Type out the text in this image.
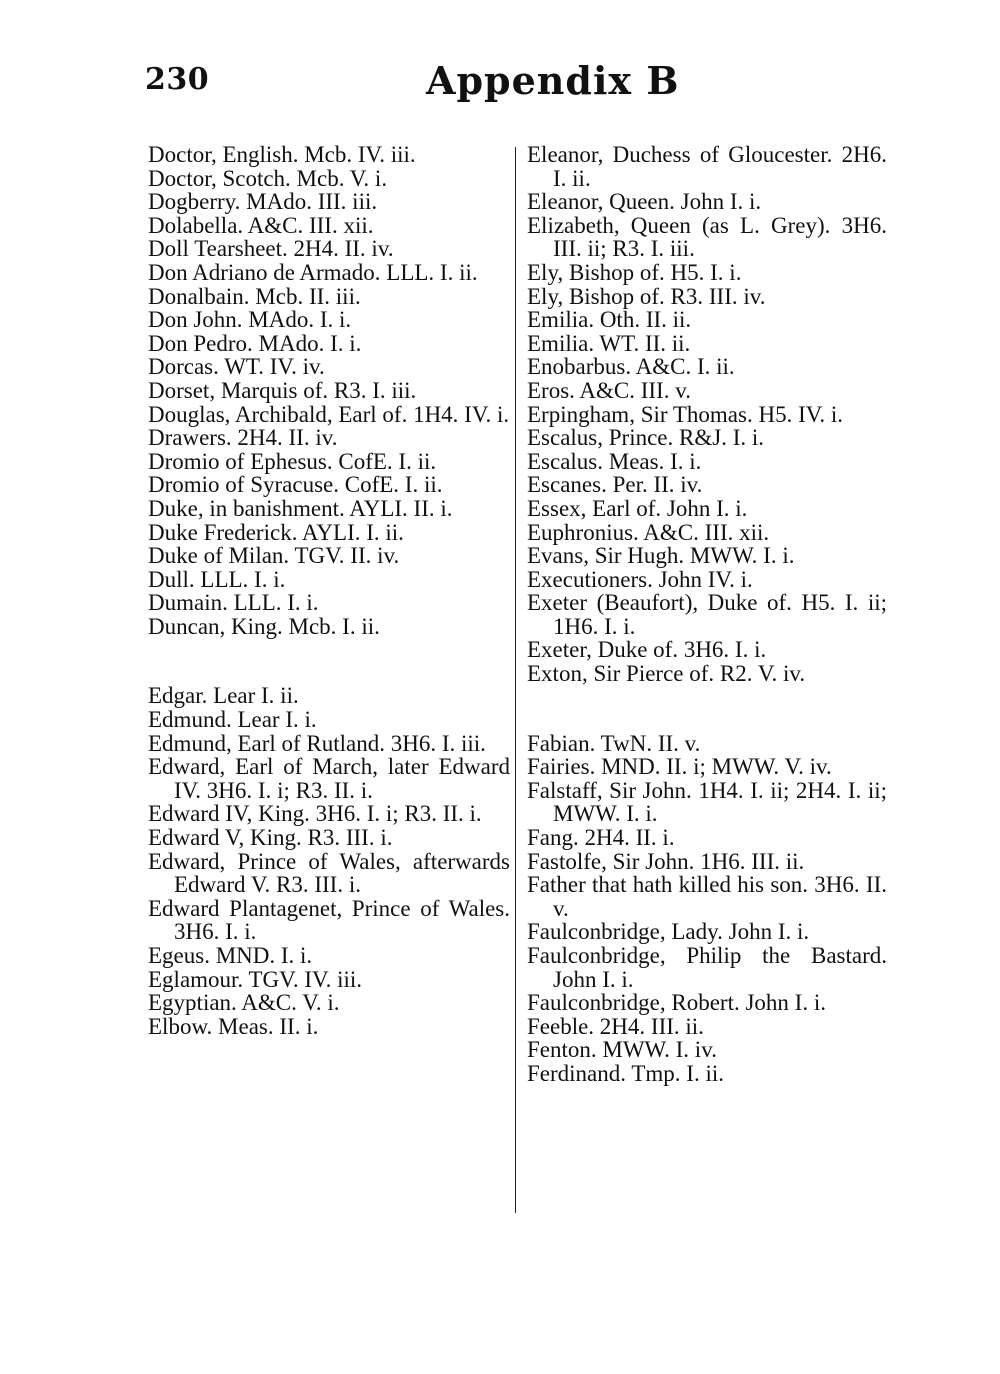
230	Appendix B

Doctor, English. Mcb. IV. iii.

Doctor, Scotch. Mcb. V. i.

Dogberry. MAdo. III. iii.

Dolabella. A&C. III. xii.

Doll Tearsheet. 2H4. II. iv.

Don Adriano de Armado. LLL. I. ii.

Donalbain. Mcb. II. iii.

Don John. MAdo. I. i.

Don Pedro. MAdo. I. i.

Dorcas. WT. IV. iv.

Dorset, Marquis of. R3. I. iii.

Douglas, Archibald, Earl of. 1H4. IV. i.

Drawers. 2H4. II. iv.

Dromio of Ephesus. CofE. I. ii.

Dromio of Syracuse. CofE. I. ii.

Duke, in banishment. AYLI. II. i.

Duke Frederick. AYLI. I. ii.

Duke of Milan. TGV. II. iv.

Dull. LLL. I. i.

Dumain. LLL. I. i.

Duncan, King. Mcb. I. ii.

Edgar. Lear I. ii.

Edmund. Lear I. i.

Edmund, Earl of Rutland. 3H6. I. iii.

Edward, Earl of March, later Edward IV. 3H6. I. i; R3. II. i.

Edward IV, King. 3H6. I. i; R3. II. i.

Edward V, King. R3. III. i.

Edward, Prince of Wales, afterwards Edward V. R3. III. i.

Edward Plantagenet, Prince of Wales. 3H6. I. i.

Egeus. MND. I. i.

Eglamour. TGV. IV. iii.

Egyptian. A&C. V. i.

Elbow. Meas. II. i.

Eleanor, Duchess of Gloucester. 2H6. I. ii.

Eleanor, Queen. John I. i.

Elizabeth, Queen (as L. Grey). 3H6. III. ii; R3. I. iii.

Ely, Bishop of. H5. I. i.

Ely, Bishop of. R3. III. iv.

Emilia. Oth. II. ii.

Emilia. WT. II. ii.

Enobarbus. A&C. I. ii.

Eros. A&C. III. v.

Erpingham, Sir Thomas. H5. IV. i.

Escalus, Prince. R&J. I. i.

Escalus. Meas. I. i.

Escanes. Per. II. iv.

Essex, Earl of. John I. i.

Euphronius. A&C. III. xii.

Evans, Sir Hugh. MWW. I. i.

Executioners. John IV. i.

Exeter (Beaufort), Duke of. H5. I. ii; 1H6. I. i.

Exeter, Duke of. 3H6. I. i.

Exton, Sir Pierce of. R2. V. iv.

Fabian. TwN. II. v.

Fairies. MND. II. i; MWW. V. iv.

Falstaff, Sir John. 1H4. I. ii; 2H4. I. ii; MWW. I. i.

Fang. 2H4. II. i.

Fastolfe, Sir John. 1H6. III. ii.

Father that hath killed his son. 3H6. II. v.

Faulconbridge, Lady. John I. i.

Faulconbridge, Philip the Bastard. John I. i.

Faulconbridge, Robert. John I. i.

Feeble. 2H4. III. ii.

Fenton. MWW. I. iv.

Ferdinand. Tmp. I. ii.
